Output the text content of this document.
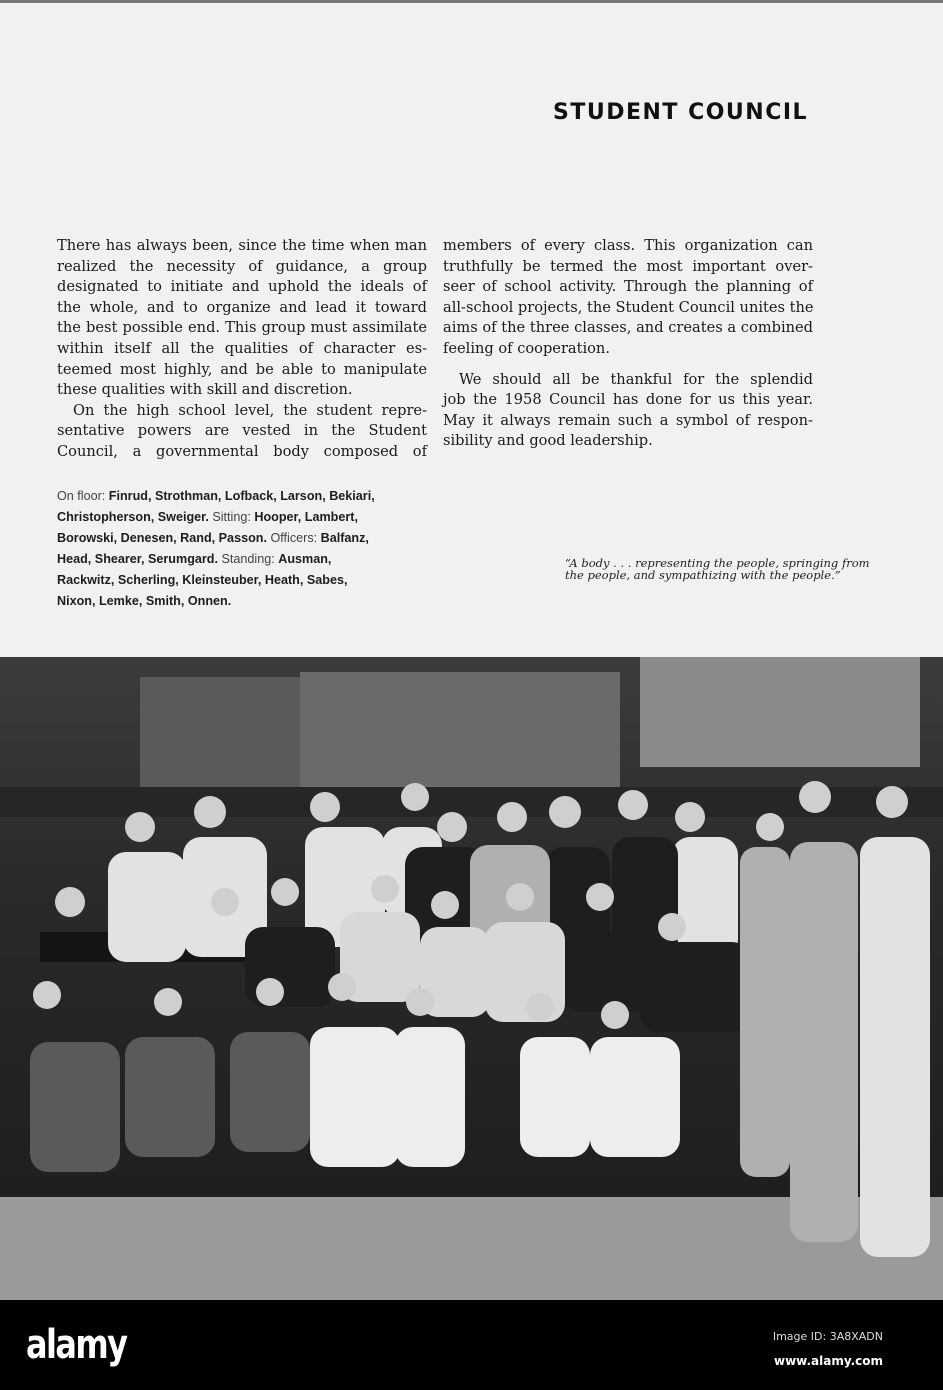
STUDENT COUNCIL
There has always been, since the time when man
realized the necessity of guidance, a group
designated to initiate and uphold the ideals of
the whole, and to organize and lead it toward
the best possible end. This group must assimilate
within itself all the qualities of character es-
teemed most highly, and be able to manipulate
these qualities with skill and discretion.
On the high school level, the student repre-
sentative powers are vested in the Student
Council, a governmental body composed of
members of every class. This organization can
truthfully be termed the most important over-
seer of school activity. Through the planning of
all-school projects, the Student Council unites the
aims of the three classes, and creates a combined
feeling of cooperation.
We should all be thankful for the splendid
job the 1958 Council has done for us this year.
May it always remain such a symbol of respon-
sibility and good leadership.
On floor: Finrud, Strothman, Lofback, Larson, Bekiari, Christopherson, Sweiger. Sitting: Hooper, Lambert, Borowski, Denesen, Rand, Passon. Officers: Balfanz, Head, Shearer, Serumgard. Standing: Ausman, Rackwitz, Scherling, Kleinsteuber, Heath, Sabes, Nixon, Lemke, Smith, Onnen.
“A body . . . representing the people, springing from the people, and sympathizing with the people.”
alamy	Image ID: 3A8XADN
www.alamy.com
